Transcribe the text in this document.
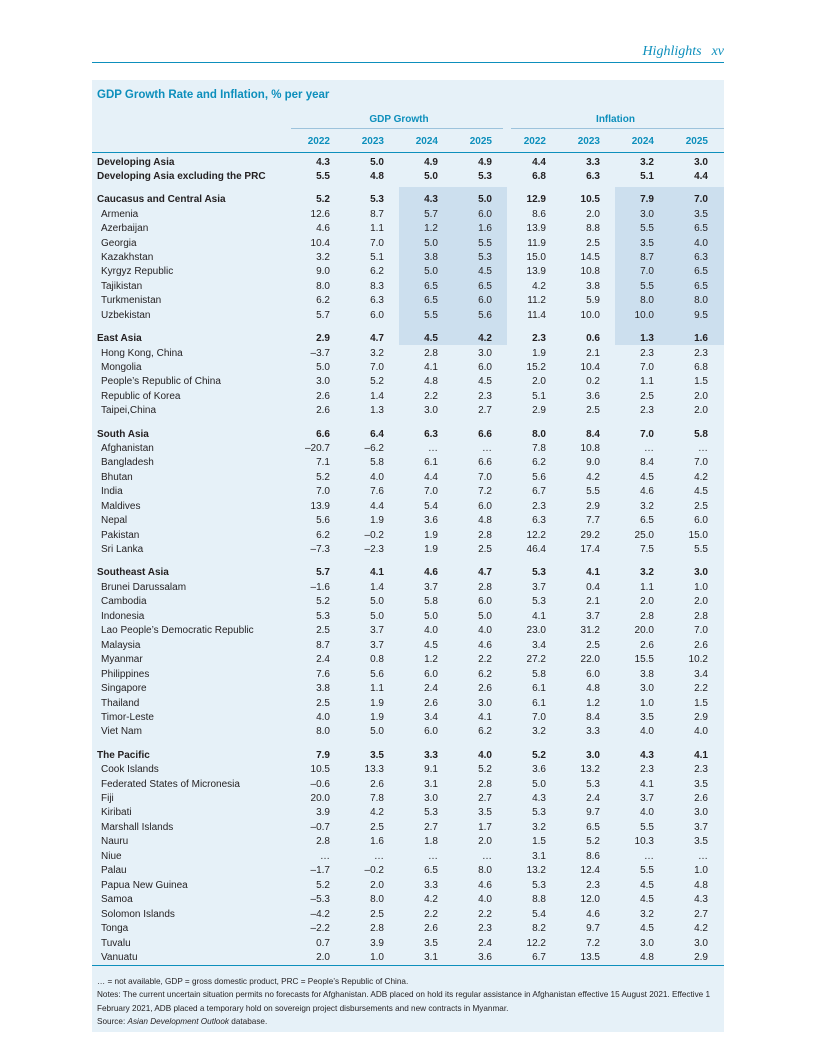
Highlights xv
GDP Growth Rate and Inflation, % per year
GDP Growth	Inflation
2022	2023	2024	2025	2022	2023	2024	2025
Developing Asia	4.3	5.0	4.9	4.9	4.4	3.3	3.2	3.0
Developing Asia excluding the PRC	5.5	4.8	5.0	5.3	6.8	6.3	5.1	4.4
Caucasus and Central Asia	5.2	5.3	4.3	5.0	12.9	10.5	7.9	7.0
Armenia	12.6	8.7	5.7	6.0	8.6	2.0	3.0	3.5
Azerbaijan	4.6	1.1	1.2	1.6	13.9	8.8	5.5	6.5
Georgia	10.4	7.0	5.0	5.5	11.9	2.5	3.5	4.0
Kazakhstan	3.2	5.1	3.8	5.3	15.0	14.5	8.7	6.3
Kyrgyz Republic	9.0	6.2	5.0	4.5	13.9	10.8	7.0	6.5
Tajikistan	8.0	8.3	6.5	6.5	4.2	3.8	5.5	6.5
Turkmenistan	6.2	6.3	6.5	6.0	11.2	5.9	8.0	8.0
Uzbekistan	5.7	6.0	5.5	5.6	11.4	10.0	10.0	9.5
East Asia	2.9	4.7	4.5	4.2	2.3	0.6	1.3	1.6
Hong Kong, China	–3.7	3.2	2.8	3.0	1.9	2.1	2.3	2.3
Mongolia	5.0	7.0	4.1	6.0	15.2	10.4	7.0	6.8
People’s Republic of China	3.0	5.2	4.8	4.5	2.0	0.2	1.1	1.5
Republic of Korea	2.6	1.4	2.2	2.3	5.1	3.6	2.5	2.0
Taipei,China	2.6	1.3	3.0	2.7	2.9	2.5	2.3	2.0
South Asia	6.6	6.4	6.3	6.6	8.0	8.4	7.0	5.8
Afghanistan	–20.7	–6.2	…	…	7.8	10.8	…	…
Bangladesh	7.1	5.8	6.1	6.6	6.2	9.0	8.4	7.0
Bhutan	5.2	4.0	4.4	7.0	5.6	4.2	4.5	4.2
India	7.0	7.6	7.0	7.2	6.7	5.5	4.6	4.5
Maldives	13.9	4.4	5.4	6.0	2.3	2.9	3.2	2.5
Nepal	5.6	1.9	3.6	4.8	6.3	7.7	6.5	6.0
Pakistan	6.2	–0.2	1.9	2.8	12.2	29.2	25.0	15.0
Sri Lanka	–7.3	–2.3	1.9	2.5	46.4	17.4	7.5	5.5
Southeast Asia	5.7	4.1	4.6	4.7	5.3	4.1	3.2	3.0
Brunei Darussalam	–1.6	1.4	3.7	2.8	3.7	0.4	1.1	1.0
Cambodia	5.2	5.0	5.8	6.0	5.3	2.1	2.0	2.0
Indonesia	5.3	5.0	5.0	5.0	4.1	3.7	2.8	2.8
Lao People’s Democratic Republic	2.5	3.7	4.0	4.0	23.0	31.2	20.0	7.0
Malaysia	8.7	3.7	4.5	4.6	3.4	2.5	2.6	2.6
Myanmar	2.4	0.8	1.2	2.2	27.2	22.0	15.5	10.2
Philippines	7.6	5.6	6.0	6.2	5.8	6.0	3.8	3.4
Singapore	3.8	1.1	2.4	2.6	6.1	4.8	3.0	2.2
Thailand	2.5	1.9	2.6	3.0	6.1	1.2	1.0	1.5
Timor-Leste	4.0	1.9	3.4	4.1	7.0	8.4	3.5	2.9
Viet Nam	8.0	5.0	6.0	6.2	3.2	3.3	4.0	4.0
The Pacific	7.9	3.5	3.3	4.0	5.2	3.0	4.3	4.1
Cook Islands	10.5	13.3	9.1	5.2	3.6	13.2	2.3	2.3
Federated States of Micronesia	–0.6	2.6	3.1	2.8	5.0	5.3	4.1	3.5
Fiji	20.0	7.8	3.0	2.7	4.3	2.4	3.7	2.6
Kiribati	3.9	4.2	5.3	3.5	5.3	9.7	4.0	3.0
Marshall Islands	–0.7	2.5	2.7	1.7	3.2	6.5	5.5	3.7
Nauru	2.8	1.6	1.8	2.0	1.5	5.2	10.3	3.5
Niue	…	…	…	…	3.1	8.6	…	…
Palau	–1.7	–0.2	6.5	8.0	13.2	12.4	5.5	1.0
Papua New Guinea	5.2	2.0	3.3	4.6	5.3	2.3	4.5	4.8
Samoa	–5.3	8.0	4.2	4.0	8.8	12.0	4.5	4.3
Solomon Islands	–4.2	2.5	2.2	2.2	5.4	4.6	3.2	2.7
Tonga	–2.2	2.8	2.6	2.3	8.2	9.7	4.5	4.2
Tuvalu	0.7	3.9	3.5	2.4	12.2	7.2	3.0	3.0
Vanuatu	2.0	1.0	3.1	3.6	6.7	13.5	4.8	2.9

… = not available, GDP = gross domestic product, PRC = People’s Republic of China.

Notes: The current uncertain situation permits no forecasts for Afghanistan. ADB placed on hold its regular assistance in Afghanistan effective 15 August 2021. Effective 1 February 2021, ADB placed a temporary hold on sovereign project disbursements and new contracts in Myanmar.

Source: Asian Development Outlook database.
